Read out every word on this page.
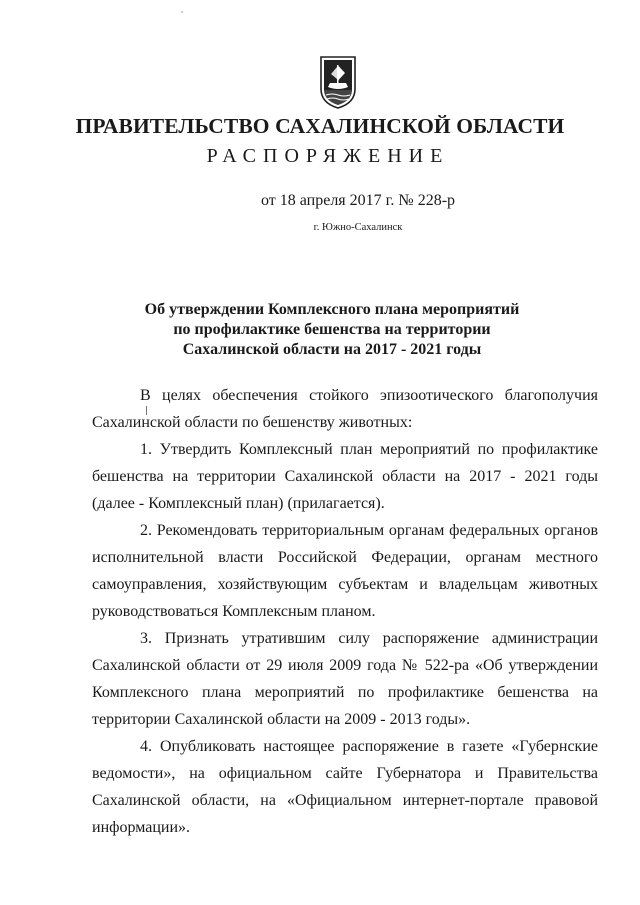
ПРАВИТЕЛЬСТВО САХАЛИНСКОЙ ОБЛАСТИ
РАСПОРЯЖЕНИЕ
от 18 апреля 2017 г. № 228-р
г. Южно-Сахалинск
Об утверждении Комплексного плана мероприятий
по профилактике бешенства на территории
Сахалинской области на 2017 - 2021 годы

В целях обеспечения стойкого эпизоотического благополучия Сахалинской области по бешенству животных:

1. Утвердить Комплексный план мероприятий по профилактике бешенства на территории Сахалинской области на 2017 - 2021 годы (далее - Комплексный план) (прилагается).

2. Рекомендовать территориальным органам федеральных органов исполнительной власти Российской Федерации, органам местного самоуправления, хозяйствующим субъектам и владельцам животных руководствоваться Комплексным планом.

3. Признать утратившим силу распоряжение администрации Сахалинской области от 29 июля 2009 года № 522-ра «Об утверждении Комплексного плана мероприятий по профилактике бешенства на территории Сахалинской области на 2009 - 2013 годы».

4. Опубликовать настоящее распоряжение в газете «Губернские ведомости», на официальном сайте Губернатора и Правительства Сахалинской области, на «Официальном интернет-портале правовой информации».
